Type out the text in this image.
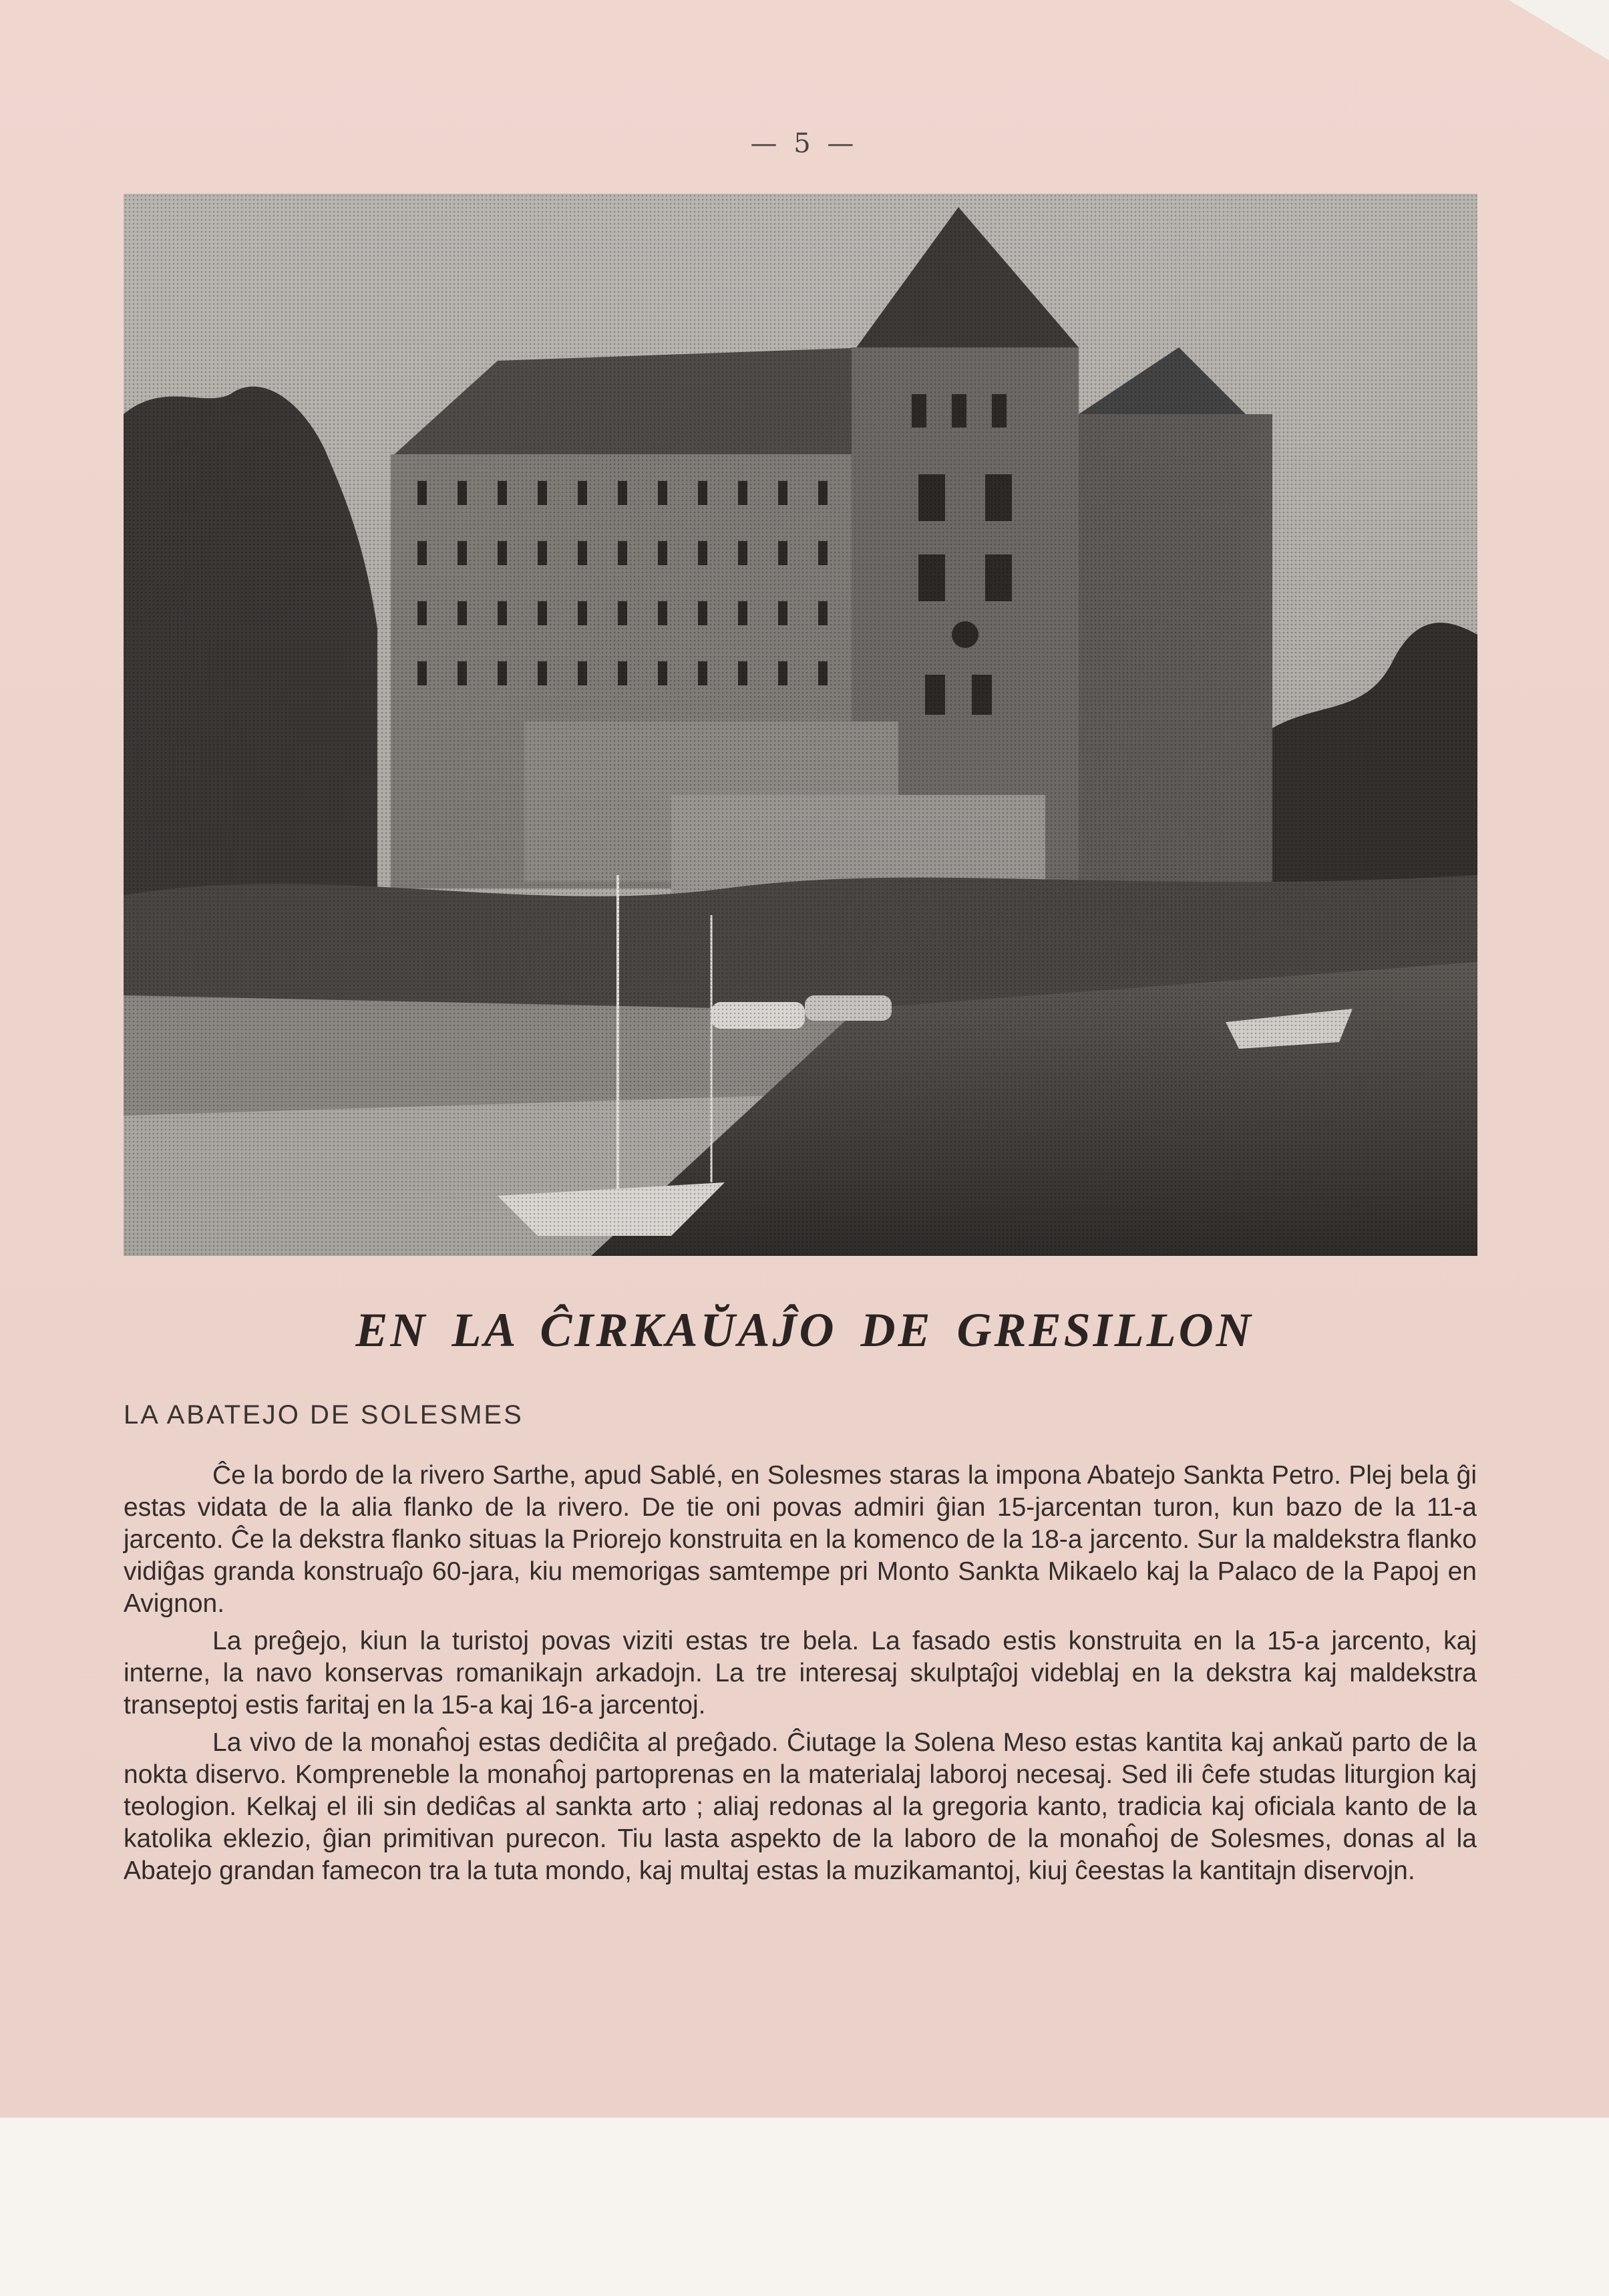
— 5 —
EN LA ĈIRKAŬAĴO DE GRESILLON
LA ABATEJO DE SOLESMES

Ĉe la bordo de la rivero Sarthe, apud Sablé, en Solesmes staras la impona Abatejo Sankta Petro. Plej bela ĝi estas vidata de la alia flanko de la rivero. De tie oni povas admiri ĝian 15-jarcentan turon, kun bazo de la 11-a jarcento. Ĉe la dekstra flanko situas la Priorejo konstruita en la komenco de la 18-a jarcento. Sur la maldekstra flanko vidiĝas granda konstruaĵo 60-jara, kiu memorigas samtempe pri Monto Sankta Mikaelo kaj la Palaco de la Papoj en Avignon.

La preĝejo, kiun la turistoj povas viziti estas tre bela. La fasado estis konstruita en la 15-a jarcento, kaj interne, la navo konservas romanikajn arkadojn. La tre interesaj skulptaĵoj videblaj en la dekstra kaj maldekstra transeptoj estis faritaj en la 15-a kaj 16-a jarcentoj.

La vivo de la monaĥoj estas dediĉita al preĝado. Ĉiutage la Solena Meso estas kantita kaj ankaŭ parto de la nokta diservo. Kompreneble la monaĥoj partoprenas en la materialaj laboroj necesaj. Sed ili ĉefe studas liturgion kaj teologion. Kelkaj el ili sin dediĉas al sankta arto ; aliaj redonas al la gregoria kanto, tradicia kaj oficiala kanto de la katolika eklezio, ĝian primitivan purecon. Tiu lasta aspekto de la laboro de la monaĥoj de Solesmes, donas al la Abatejo grandan famecon tra la tuta mondo, kaj multaj estas la muzikamantoj, kiuj ĉeestas la kantitajn diservojn.
